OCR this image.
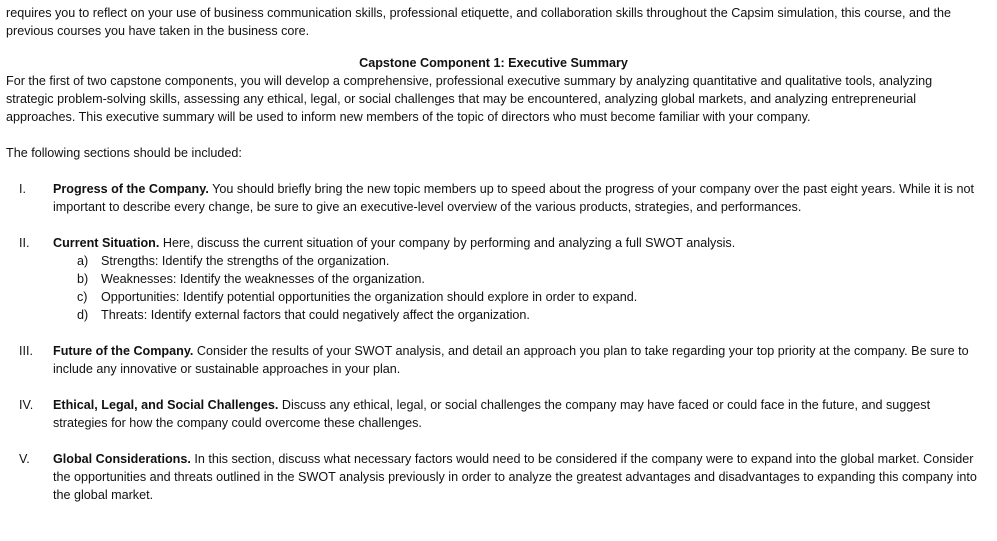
requires you to reflect on your use of business communication skills, professional etiquette, and collaboration skills throughout the Capsim simulation, this course, and the previous courses you have taken in the business core.

Capstone Component 1: Executive Summary

For the first of two capstone components, you will develop a comprehensive, professional executive summary by analyzing quantitative and qualitative tools, analyzing strategic problem-solving skills, assessing any ethical, legal, or social challenges that may be encountered, analyzing global markets, and analyzing entrepreneurial approaches. This executive summary will be used to inform new members of the topic of directors who must become familiar with your company.

The following sections should be included:

I.	Progress of the Company. You should briefly bring the new topic members up to speed about the progress of your company over the past eight years. While it is not important to describe every change, be sure to give an executive-level overview of the various products, strategies, and performances.
II.	Current Situation. Here, discuss the current situation of your company by performing and analyzing a full SWOT analysis.
a) Strengths: Identify the strengths of the organization.
b) Weaknesses: Identify the weaknesses of the organization.
c) Opportunities: Identify potential opportunities the organization should explore in order to expand.
d) Threats: Identify external factors that could negatively affect the organization.
III.	Future of the Company. Consider the results of your SWOT analysis, and detail an approach you plan to take regarding your top priority at the company. Be sure to include any innovative or sustainable approaches in your plan.
IV.	Ethical, Legal, and Social Challenges. Discuss any ethical, legal, or social challenges the company may have faced or could face in the future, and suggest strategies for how the company could overcome these challenges.
V.	Global Considerations. In this section, discuss what necessary factors would need to be considered if the company were to expand into the global market. Consider the opportunities and threats outlined in the SWOT analysis previously in order to analyze the greatest advantages and disadvantages to expanding this company into the global market.
